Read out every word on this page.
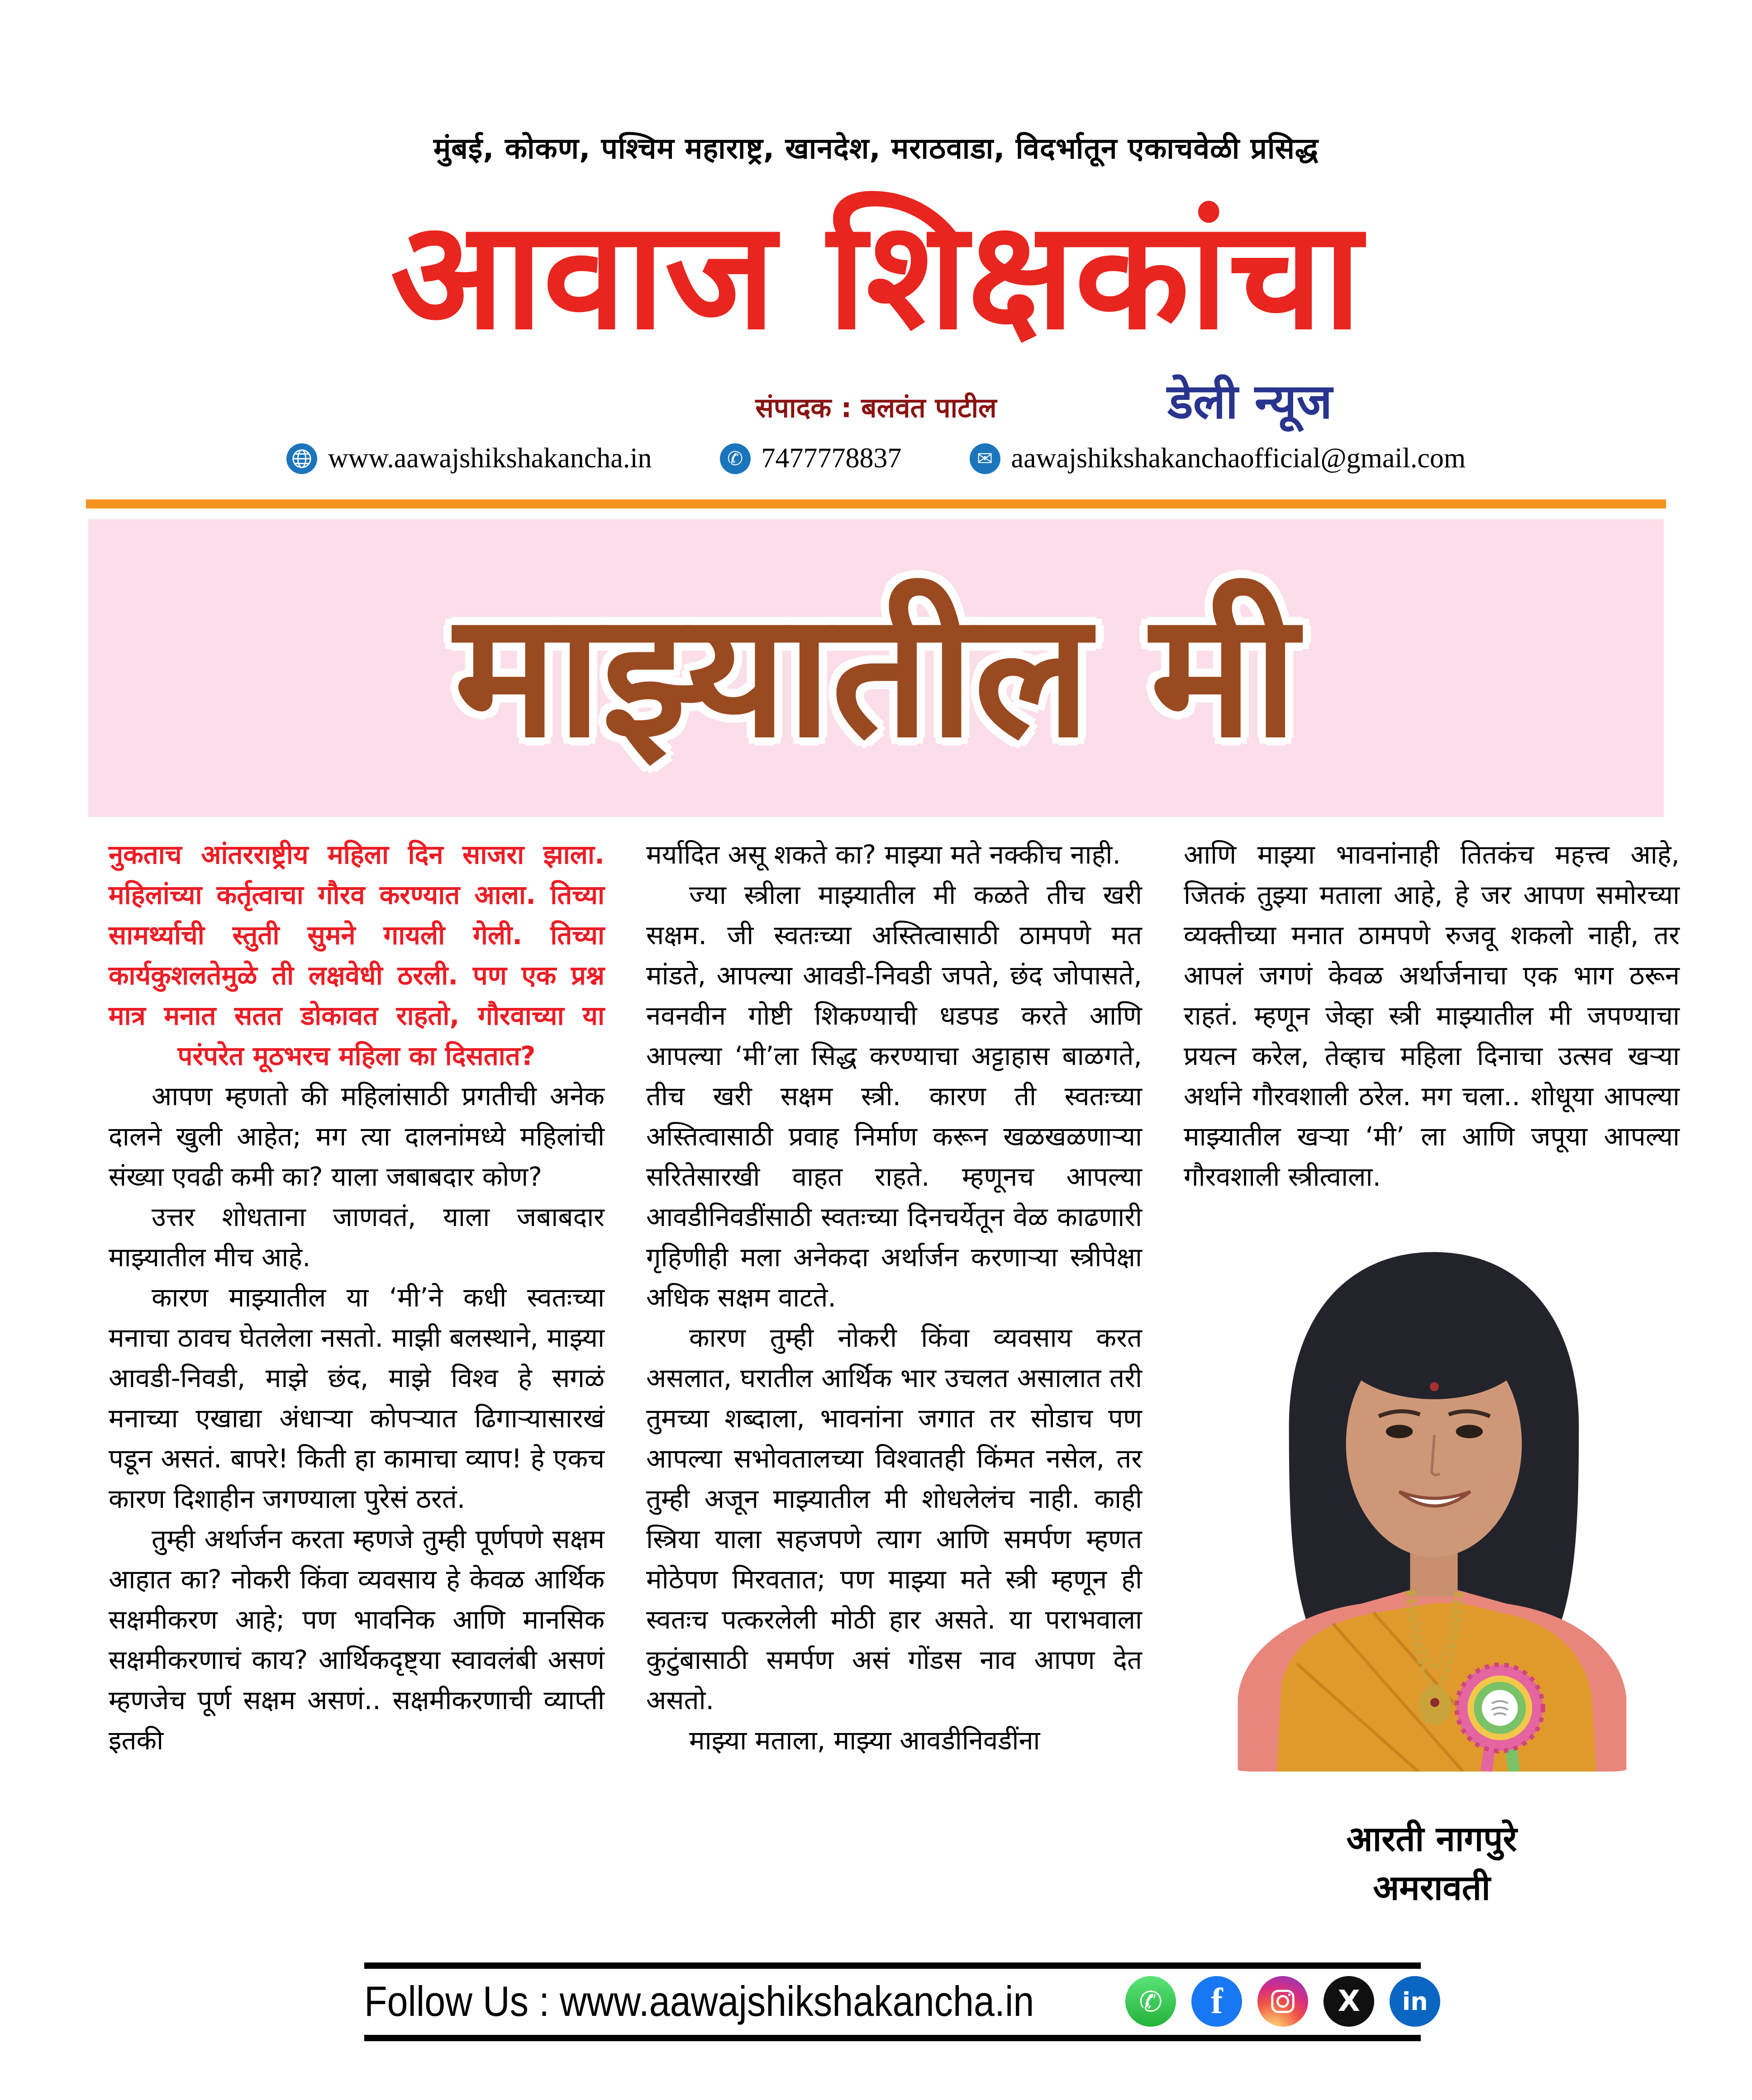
मुंबई, कोकण, पश्चिम महाराष्ट्र, खानदेश, मराठवाडा, विदर्भातून एकाचवेळी प्रसिद्ध
आवाज शिक्षकांचा
संपादक : बलवंत पाटील	डेली न्यूज
www.aawajshikshakancha.in	✆ 7477778837	✉ aawajshikshakanchaofficial@gmail.com
माझ्यातील मी

नुकताच आंतरराष्ट्रीय महिला दिन साजरा झाला. महिलांच्या कर्तृत्वाचा गौरव करण्यात आला. तिच्या सामर्थ्याची स्तुती सुमने गायली गेली. तिच्या कार्यकुशलतेमुळे ती लक्षवेधी ठरली. पण एक प्रश्न मात्र मनात सतत डोकावत राहतो, गौरवाच्या या परंपरेत मूठभरच महिला का दिसतात?

आपण म्हणतो की महिलांसाठी प्रगतीची अनेक दालने खुली आहेत; मग त्या दालनांमध्ये महिलांची संख्या एवढी कमी का? याला जबाबदार कोण?

उत्तर शोधताना जाणवतं, याला जबाबदार माझ्यातील मीच आहे.

कारण माझ्यातील या ‘मी’ने कधी स्वतःच्या मनाचा ठावच घेतलेला नसतो. माझी बलस्थाने, माझ्या आवडी-निवडी, माझे छंद, माझे विश्व हे सगळं मनाच्या एखाद्या अंधाऱ्या कोपऱ्यात ढिगाऱ्यासारखं पडून असतं. बापरे! किती हा कामाचा व्याप! हे एकच कारण दिशाहीन जगण्याला पुरेसं ठरतं.

तुम्ही अर्थार्जन करता म्हणजे तुम्ही पूर्णपणे सक्षम आहात का? नोकरी किंवा व्यवसाय हे केवळ आर्थिक सक्षमीकरण आहे; पण भावनिक आणि मानसिक सक्षमीकरणाचं काय? आर्थिकदृष्ट्या स्वावलंबी असणं म्हणजेच पूर्ण सक्षम असणं.. सक्षमीकरणाची व्याप्ती इतकी

मर्यादित असू शकते का? माझ्या मते नक्कीच नाही.

ज्या स्त्रीला माझ्यातील मी कळते तीच खरी सक्षम. जी स्वतःच्या अस्तित्वासाठी ठामपणे मत मांडते, आपल्या आवडी-निवडी जपते, छंद जोपासते, नवनवीन गोष्टी शिकण्याची धडपड करते आणि आपल्या ‘मी’ला सिद्ध करण्याचा अट्टाहास बाळगते, तीच खरी सक्षम स्त्री. कारण ती स्वतःच्या अस्तित्वासाठी प्रवाह निर्माण करून खळखळणाऱ्या सरितेसारखी वाहत राहते. म्हणूनच आपल्या आवडीनिवडींसाठी स्वतःच्या दिनचर्येतून वेळ काढणारी गृहिणीही मला अनेकदा अर्थार्जन करणाऱ्या स्त्रीपेक्षा अधिक सक्षम वाटते.

कारण तुम्ही नोकरी किंवा व्यवसाय करत असलात, घरातील आर्थिक भार उचलत असालात तरी तुमच्या शब्दाला, भावनांना जगात तर सोडाच पण आपल्या सभोवतालच्या विश्वातही किंमत नसेल, तर तुम्ही अजून माझ्यातील मी शोधलेलंच नाही. काही स्त्रिया याला सहजपणे त्याग आणि समर्पण म्हणत मोठेपण मिरवतात; पण माझ्या मते स्त्री म्हणून ही स्वतःच पत्करलेली मोठी हार असते. या पराभवाला कुटुंबासाठी समर्पण असं गोंडस नाव आपण देत असतो.

माझ्या मताला, माझ्या आवडीनिवडींना

आणि माझ्या भावनांनाही तितकंच महत्त्व आहे, जितकं तुझ्या मताला आहे, हे जर आपण समोरच्या व्यक्तीच्या मनात ठामपणे रुजवू शकलो नाही, तर आपलं जगणं केवळ अर्थार्जनाचा एक भाग ठरून राहतं. म्हणून जेव्हा स्त्री माझ्यातील मी जपण्याचा प्रयत्न करेल, तेव्हाच महिला दिनाचा उत्सव खऱ्या अर्थाने गौरवशाली ठरेल. मग चला.. शोधूया आपल्या माझ्यातील खऱ्या ‘मी’ ला आणि जपूया आपल्या गौरवशाली स्त्रीत्वाला.

आरती नागपुरे
अमरावती
Follow Us : www.aawajshikshakancha.in	✆	f	X	in
